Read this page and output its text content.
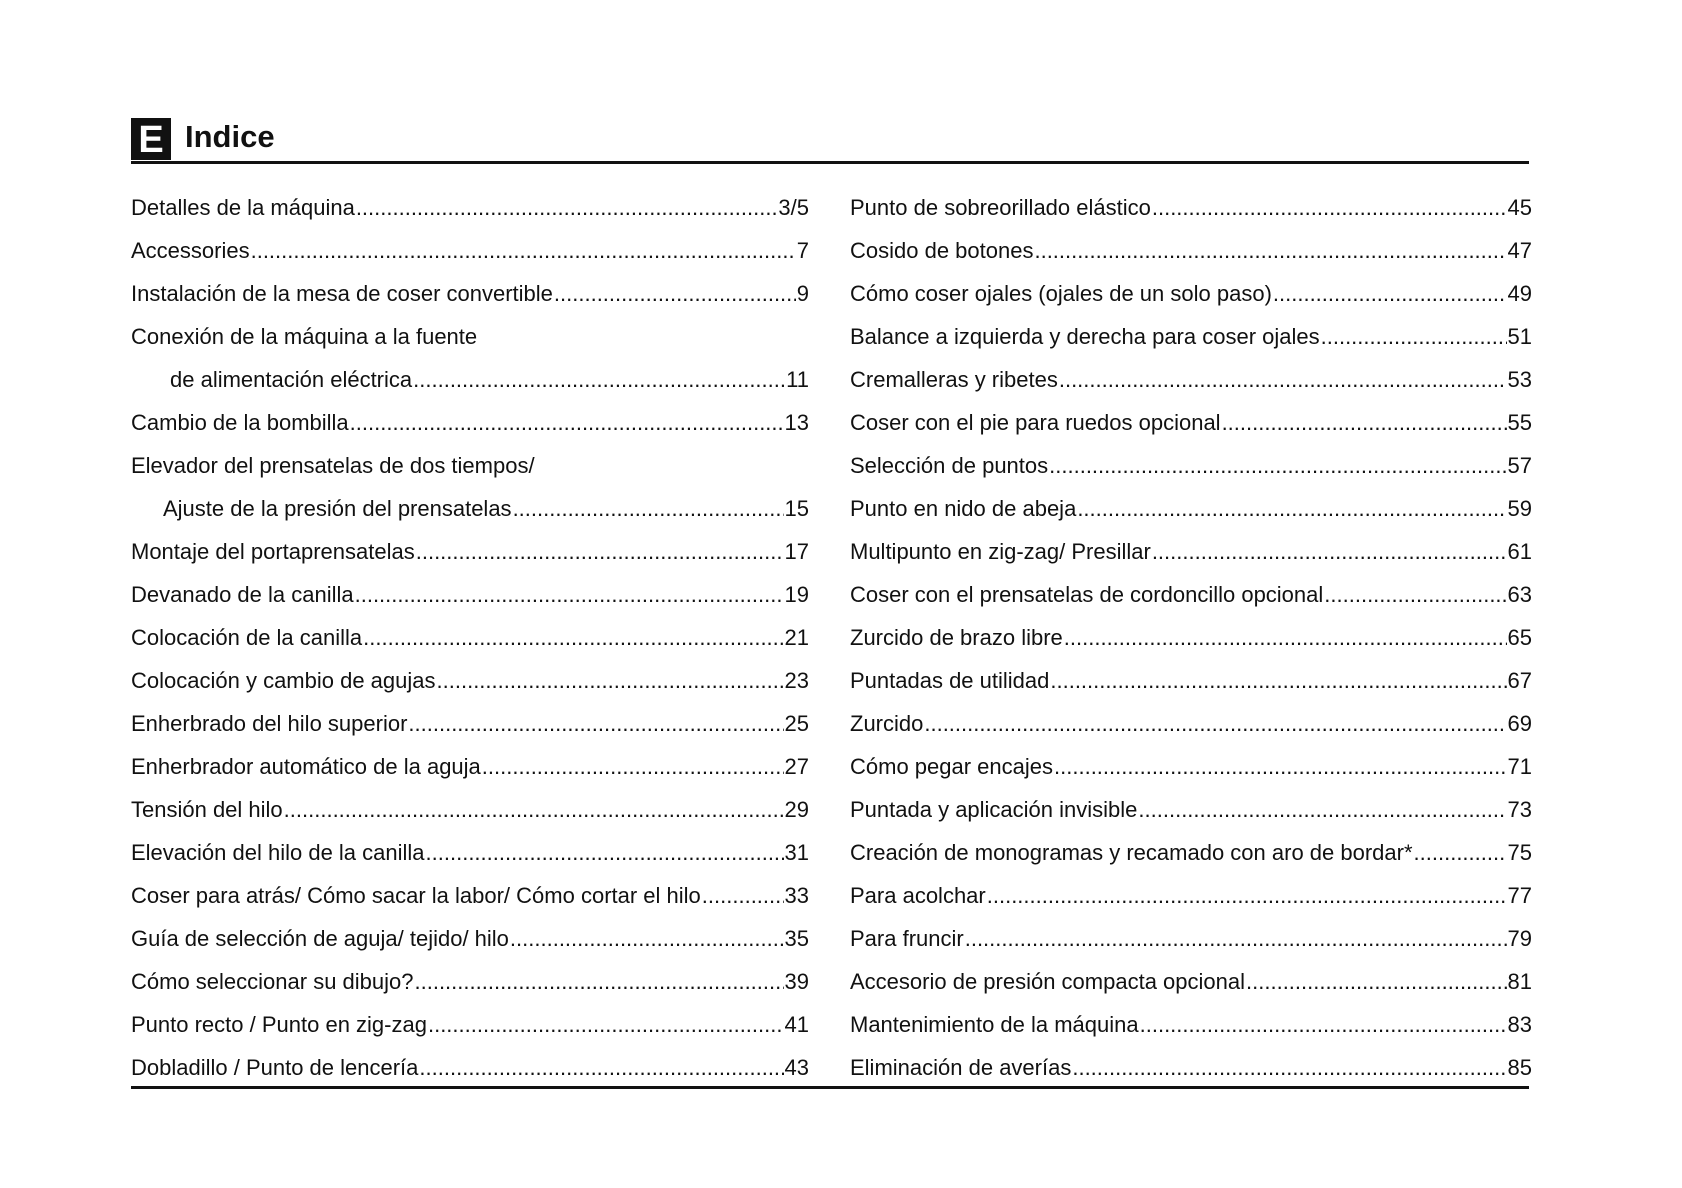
E Indice
Detalles de la máquina .....	3/5
Accessories .....	7
Instalación de la mesa de coser convertible .....	9
Conexión de la máquina a la fuente
de alimentación eléctrica .....	11
Cambio de la bombilla .....	13
Elevador del prensatelas de dos tiempos/
Ajuste de la presión del prensatelas .....	15
Montaje del portaprensatelas .....	17
Devanado de la canilla .....	19
Colocación de la canilla .....	21
Colocación y cambio de agujas .....	23
Enherbrado del hilo superior .....	25
Enherbrador automático de la aguja .....	27
Tensión del hilo .....	29
Elevación del hilo de la canilla .....	31
Coser para atrás/ Cómo sacar la labor/ Cómo cortar el hilo .....	33
Guía de selección de aguja/ tejido/ hilo .....	35
Cómo seleccionar su dibujo? .....	39
Punto recto / Punto en zig-zag .....	41
Dobladillo / Punto de lencería .....	43
Punto de sobreorillado elástico .....	45
Cosido de botones .....	47
Cómo coser ojales (ojales de un solo paso) .....	49
Balance a izquierda y derecha para coser ojales .....	51
Cremalleras y ribetes .....	53
Coser con el pie para ruedos opcional .....	55
Selección de puntos .....	57
Punto en nido de abeja .....	59
Multipunto en zig-zag/ Presillar .....	61
Coser con el prensatelas de cordoncillo opcional .....	63
Zurcido de brazo libre .....	65
Puntadas de utilidad .....	67
Zurcido .....	69
Cómo pegar encajes .....	71
Puntada y aplicación invisible .....	73
Creación de monogramas y recamado con aro de bordar* .....	75
Para acolchar .....	77
Para fruncir .....	79
Accesorio de presión compacta opcional .....	81
Mantenimiento de la máquina .....	83
Eliminación de averías .....	85
